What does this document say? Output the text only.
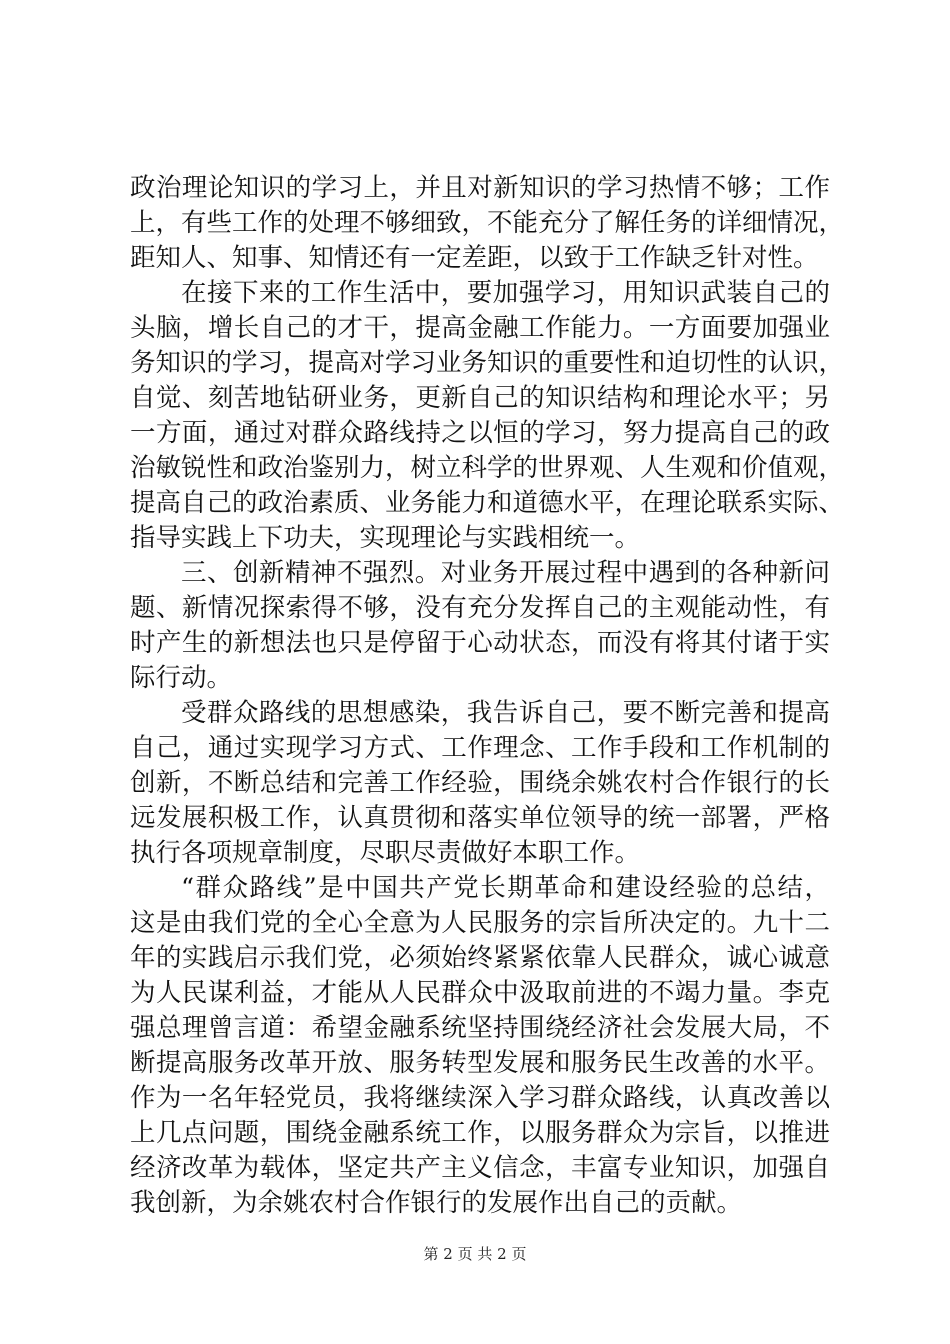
政治理论知识的学习上，并且对新知识的学习热情不够；工作
上，有些工作的处理不够细致，不能充分了解任务的详细情况，
距知人、知事、知情还有一定差距，以致于工作缺乏针对性。
在接下来的工作生活中，要加强学习，用知识武装自己的
头脑，增长自己的才干，提高金融工作能力。一方面要加强业
务知识的学习，提高对学习业务知识的重要性和迫切性的认识，
自觉、刻苦地钻研业务，更新自己的知识结构和理论水平；另
一方面，通过对群众路线持之以恒的学习，努力提高自己的政
治敏锐性和政治鉴别力，树立科学的世界观、人生观和价值观，
提高自己的政治素质、业务能力和道德水平，在理论联系实际、
指导实践上下功夫，实现理论与实践相统一。
三、创新精神不强烈。对业务开展过程中遇到的各种新问
题、新情况探索得不够，没有充分发挥自己的主观能动性，有
时产生的新想法也只是停留于心动状态，而没有将其付诸于实
际行动。
受群众路线的思想感染，我告诉自己，要不断完善和提高
自己，通过实现学习方式、工作理念、工作手段和工作机制的
创新，不断总结和完善工作经验，围绕余姚农村合作银行的长
远发展积极工作，认真贯彻和落实单位领导的统一部署，严格
执行各项规章制度，尽职尽责做好本职工作。
“群众路线”是中国共产党长期革命和建设经验的总结，
这是由我们党的全心全意为人民服务的宗旨所决定的。九十二
年的实践启示我们党，必须始终紧紧依靠人民群众，诚心诚意
为人民谋利益，才能从人民群众中汲取前进的不竭力量。李克
强总理曾言道：希望金融系统坚持围绕经济社会发展大局，不
断提高服务改革开放、服务转型发展和服务民生改善的水平。
作为一名年轻党员，我将继续深入学习群众路线，认真改善以
上几点问题，围绕金融系统工作，以服务群众为宗旨，以推进
经济改革为载体，坚定共产主义信念，丰富专业知识，加强自
我创新，为余姚农村合作银行的发展作出自己的贡献。
第 2 页 共 2 页
